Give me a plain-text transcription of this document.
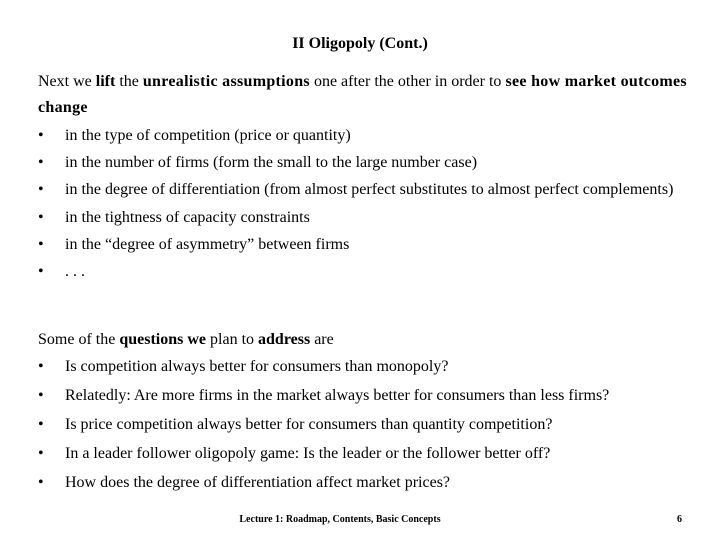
II Oligopoly (Cont.)
Next we lift the unrealistic assumptions one after the other in order to see how market outcomes change
•	in the type of competition (price or quantity)
•	in the number of firms (form the small to the large number case)
•	in the degree of differentiation (from almost perfect substitutes to almost perfect complements)
•	in the tightness of capacity constraints
•	in the “degree of asymmetry” between firms
•	. . .
Some of the questions we plan to address are
•	Is competition always better for consumers than monopoly?
•	Relatedly: Are more firms in the market always better for consumers than less firms?
•	Is price competition always better for consumers than quantity competition?
•	In a leader follower oligopoly game: Is the leader or the follower better off?
•	How does the degree of differentiation affect market prices?
Lecture 1: Roadmap, Contents, Basic Concepts	6
